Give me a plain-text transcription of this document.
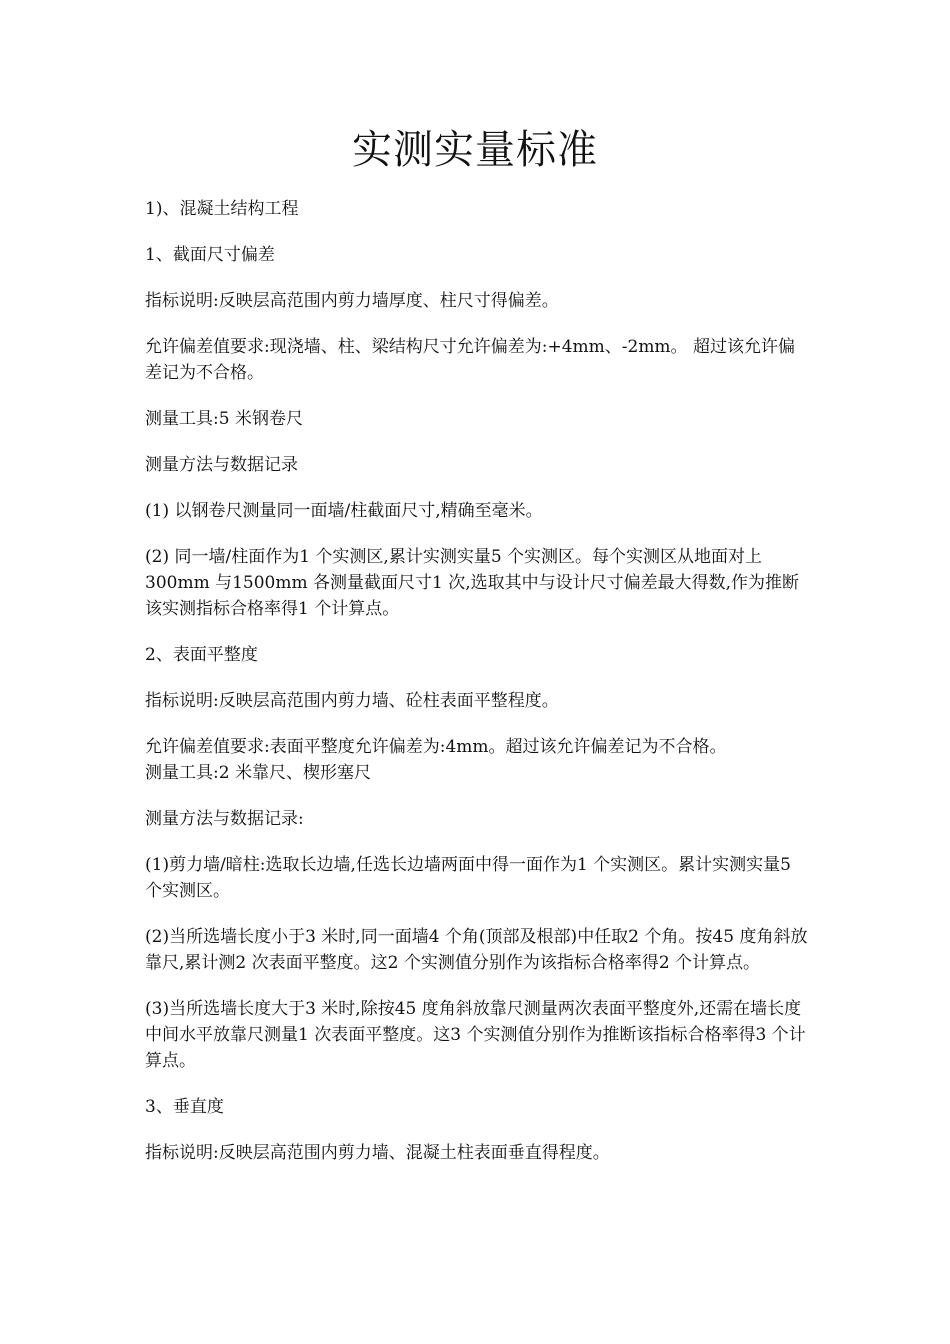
实测实量标准

1)、混凝土结构工程

1、截面尺寸偏差

指标说明:反映层高范围内剪力墙厚度、柱尺寸得偏差。

允许偏差值要求:现浇墙、柱、梁结构尺寸允许偏差为:+4mm、-2mm。 超过该允许偏差记为不合格。

测量工具:5 米钢卷尺

测量方法与数据记录

(1) 以钢卷尺测量同一面墙/柱截面尺寸,精确至毫米。

(2) 同一墙/柱面作为1 个实测区,累计实测实量5 个实测区。每个实测区从地面对上300mm 与1500mm 各测量截面尺寸1 次,选取其中与设计尺寸偏差最大得数,作为推断该实测指标合格率得1 个计算点。

2、表面平整度

指标说明:反映层高范围内剪力墙、砼柱表面平整程度。

允许偏差值要求:表面平整度允许偏差为:4mm。超过该允许偏差记为不合格。

测量工具:2 米靠尺、楔形塞尺

测量方法与数据记录:

(1)剪力墙/暗柱:选取长边墙,任选长边墙两面中得一面作为1 个实测区。累计实测实量5 个实测区。

(2)当所选墙长度小于3 米时,同一面墙4 个角(顶部及根部)中任取2 个角。按45 度角斜放靠尺,累计测2 次表面平整度。这2 个实测值分别作为该指标合格率得2 个计算点。

(3)当所选墙长度大于3 米时,除按45 度角斜放靠尺测量两次表面平整度外,还需在墙长度中间水平放靠尺测量1 次表面平整度。这3 个实测值分别作为推断该指标合格率得3 个计算点。

3、垂直度

指标说明:反映层高范围内剪力墙、混凝土柱表面垂直得程度。
